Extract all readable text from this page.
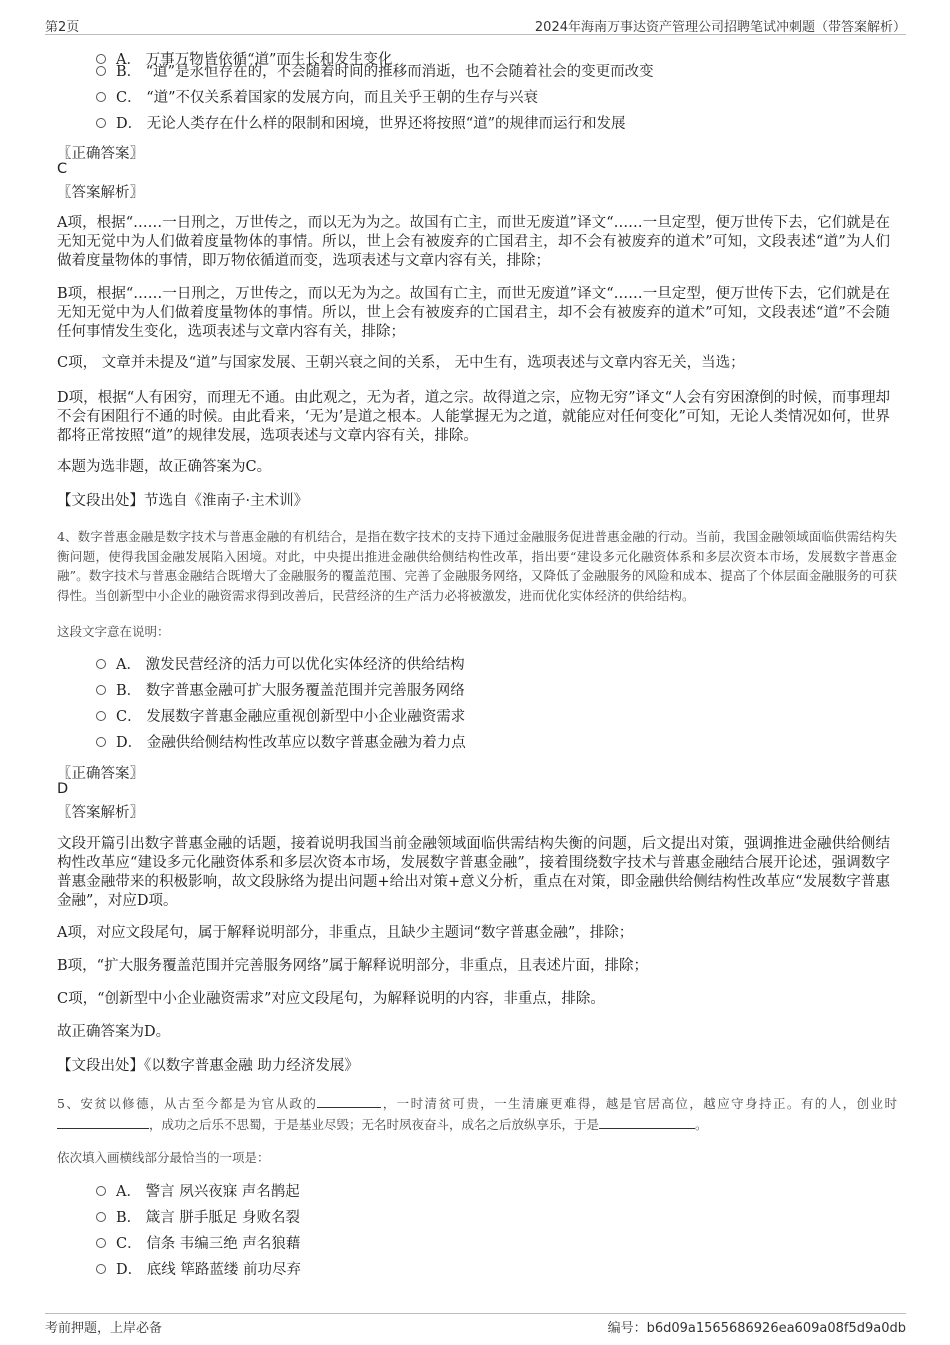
第2页	2024年海南万事达资产管理公司招聘笔试冲刺题（带答案解析）
A． 万事万物皆依循“道”而生长和发生变化
B． “道”是永恒存在的，不会随着时间的推移而消逝，也不会随着社会的变更而改变
C． “道”不仅关系着国家的发展方向，而且关乎王朝的生存与兴衰
D． 无论人类存在什么样的限制和困境，世界还将按照“道”的规律而运行和发展
〖正确答案〗
C
〖答案解析〗
A项，根据“……一日刑之，万世传之，而以无为为之。故国有亡主，而世无废道”译文“……一旦定型，便万世传下去，它们就是在无知无觉中为人们做着度量物体的事情。所以，世上会有被废弃的亡国君主，却不会有被废弃的道术”可知，文段表述“道”为人们做着度量物体的事情，即万物依循道而变，选项表述与文章内容有关，排除；
B项，根据“……一日刑之，万世传之，而以无为为之。故国有亡主，而世无废道”译文“……一旦定型，便万世传下去，它们就是在无知无觉中为人们做着度量物体的事情。所以，世上会有被废弃的亡国君主，却不会有被废弃的道术”可知，文段表述“道”不会随任何事情发生变化，选项表述与文章内容有关，排除；
C项， 文章并未提及“道”与国家发展、王朝兴衰之间的关系， 无中生有，选项表述与文章内容无关，当选；
D项，根据“人有困穷，而理无不通。由此观之，无为者，道之宗。故得道之宗，应物无穷”译文“人会有穷困潦倒的时候，而事理却不会有困阻行不通的时候。由此看来，‘无为’是道之根本。人能掌握无为之道，就能应对任何变化”可知，无论人类情况如何，世界都将正常按照“道”的规律发展，选项表述与文章内容有关，排除。
本题为选非题，故正确答案为C。
【文段出处】节选自《淮南子·主术训》
4、数字普惠金融是数字技术与普惠金融的有机结合，是指在数字技术的支持下通过金融服务促进普惠金融的行动。当前，我国金融领域面临供需结构失衡问题，使得我国金融发展陷入困境。对此，中央提出推进金融供给侧结构性改革，指出要“建设多元化融资体系和多层次资本市场，发展数字普惠金融”。数字技术与普惠金融结合既增大了金融服务的覆盖范围、完善了金融服务网络，又降低了金融服务的风险和成本、提高了个体层面金融服务的可获得性。当创新型中小企业的融资需求得到改善后，民营经济的生产活力必将被激发，进而优化实体经济的供给结构。
这段文字意在说明：
A． 激发民营经济的活力可以优化实体经济的供给结构
B． 数字普惠金融可扩大服务覆盖范围并完善服务网络
C． 发展数字普惠金融应重视创新型中小企业融资需求
D． 金融供给侧结构性改革应以数字普惠金融为着力点
〖正确答案〗
D
〖答案解析〗
文段开篇引出数字普惠金融的话题，接着说明我国当前金融领域面临供需结构失衡的问题，后文提出对策，强调推进金融供给侧结构性改革应“建设多元化融资体系和多层次资本市场，发展数字普惠金融”，接着围绕数字技术与普惠金融结合展开论述，强调数字普惠金融带来的积极影响，故文段脉络为提出问题+给出对策+意义分析，重点在对策，即金融供给侧结构性改革应“发展数字普惠金融”，对应D项。
A项，对应文段尾句，属于解释说明部分，非重点，且缺少主题词“数字普惠金融”，排除；
B项，“扩大服务覆盖范围并完善服务网络”属于解释说明部分，非重点，且表述片面，排除；
C项，“创新型中小企业融资需求”对应文段尾句，为解释说明的内容，非重点，排除。
故正确答案为D。
【文段出处】《以数字普惠金融 助力经济发展》
5、安贫以修德，从古至今都是为官从政的	，一时清贫可贵，一生清廉更难得，越是官居高位，越应守身持正。有的人，创业时，成功之后乐不思蜀，于是基业尽毁；无名时夙夜奋斗，成名之后放纵享乐，于是	。
依次填入画横线部分最恰当的一项是：
A． 警言 夙兴夜寐 声名鹊起
B． 箴言 胼手胝足 身败名裂
C． 信条 韦编三绝 声名狼藉
D． 底线 筚路蓝缕 前功尽弃
考前押题，上岸必备	编号：b6d09a1565686926ea609a08f5d9a0db
